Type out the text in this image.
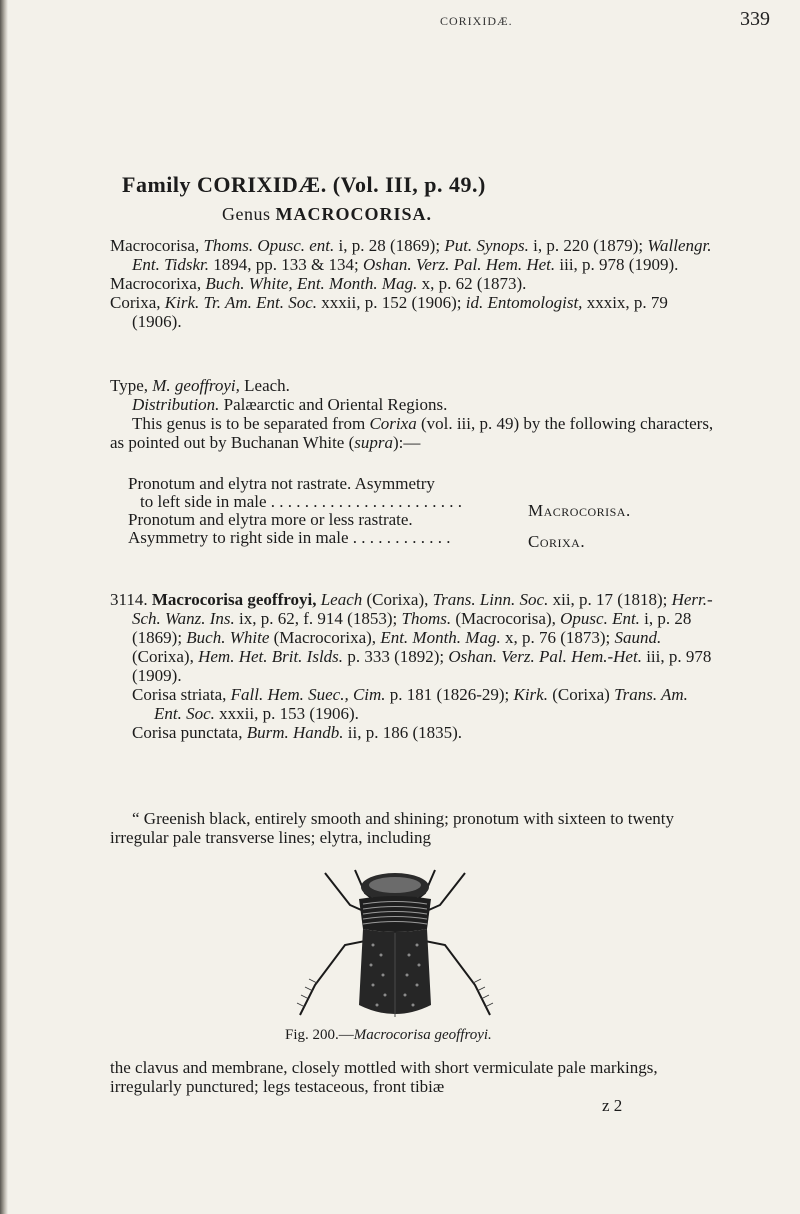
CORIXIDÆ.	339
Family CORIXIDÆ. (Vol. III, p. 49.)
Genus MACROCORISA.

Macrocorisa, Thoms. Opusc. ent. i, p. 28 (1869); Put. Synops. i, p. 220 (1879); Wallengr. Ent. Tidskr. 1894, pp. 133 & 134; Oshan. Verz. Pal. Hem. Het. iii, p. 978 (1909).

Macrocorixa, Buch. White, Ent. Month. Mag. x, p. 62 (1873).

Corixa, Kirk. Tr. Am. Ent. Soc. xxxii, p. 152 (1906); id. Entomologist, xxxix, p. 79 (1906).

Type, M. geoffroyi, Leach.

Distribution. Palæarctic and Oriental Regions.

This genus is to be separated from Corixa (vol. iii, p. 49) by the following characters, as pointed out by Buchanan White (supra):—

Pronotum and elytra not rastrate. Asymmetry
to left side in male . . . . . . . . . . . . . . . . . . . . . . .	Macrocorisa.
Pronotum and elytra more or less rastrate.
Asymmetry to right side in male . . . . . . . . . . . .	Corixa.

3114. Macrocorisa geoffroyi, Leach (Corixa), Trans. Linn. Soc. xii, p. 17 (1818); Herr.-Sch. Wanz. Ins. ix, p. 62, f. 914 (1853); Thoms. (Macrocorisa), Opusc. Ent. i, p. 28 (1869); Buch. White (Macrocorixa), Ent. Month. Mag. x, p. 76 (1873); Saund. (Corixa), Hem. Het. Brit. Islds. p. 333 (1892); Oshan. Verz. Pal. Hem.-Het. iii, p. 978 (1909).

Corisa striata, Fall. Hem. Suec., Cim. p. 181 (1826-29); Kirk. (Corixa) Trans. Am. Ent. Soc. xxxii, p. 153 (1906).

Corisa punctata, Burm. Handb. ii, p. 186 (1835).

“ Greenish black, entirely smooth and shining; pronotum with sixteen to twenty irregular pale transverse lines; elytra, including

Fig. 200.—Macrocorisa geoffroyi.

the clavus and membrane, closely mottled with short vermiculate pale markings, irregularly punctured; legs testaceous, front tibiæ

z 2
